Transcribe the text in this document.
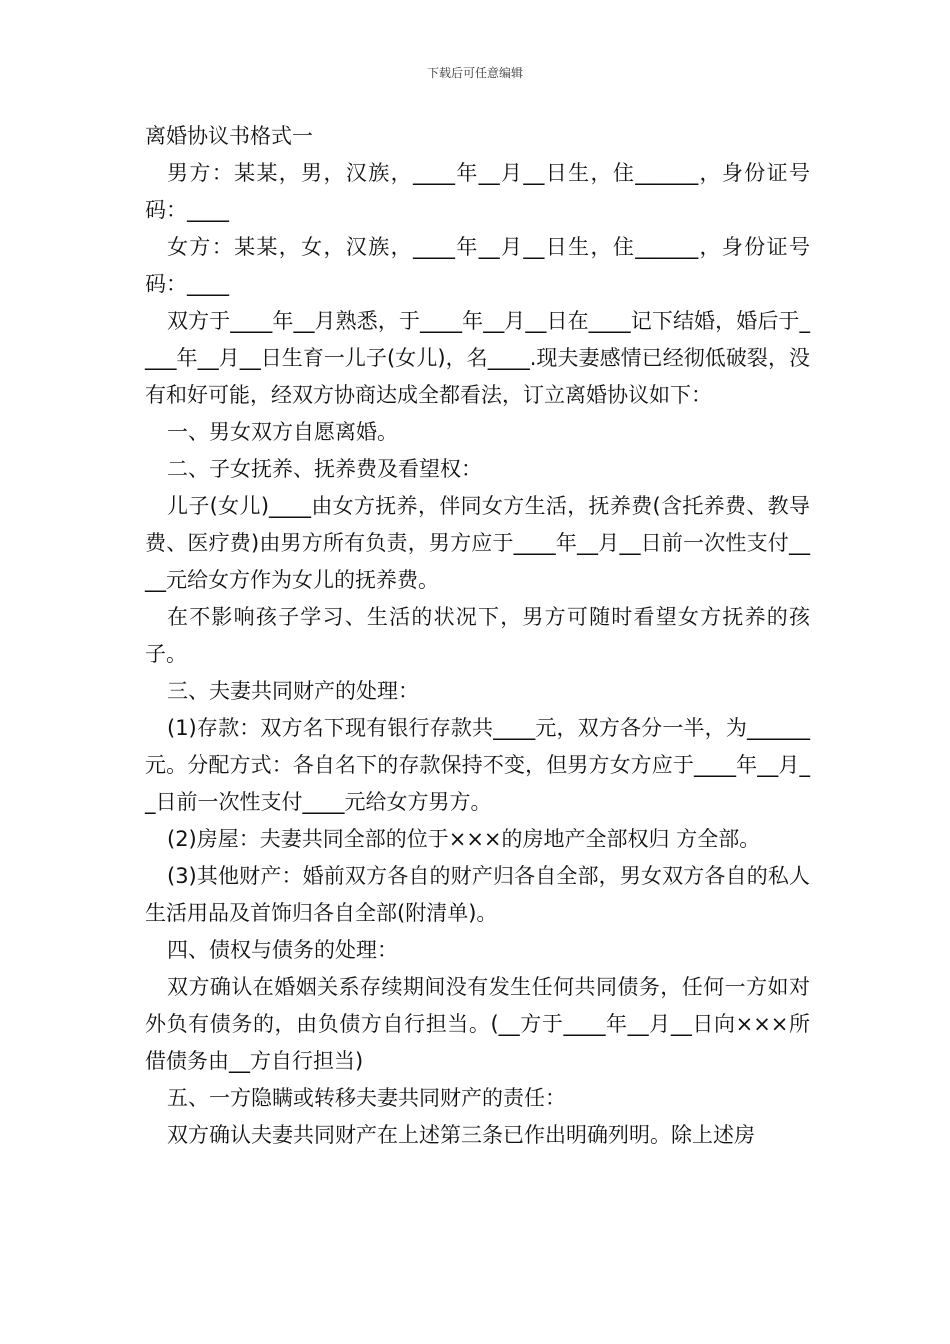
下载后可任意编辑

离婚协议书格式一

男方：某某，男，汉族，____年__月__日生，住______，身份证号码：____

女方：某某，女，汉族，____年__月__日生，住______，身份证号码：____

双方于____年__月熟悉，于____年__月__日在____记下结婚，婚后于____年__月__日生育一儿子(女儿)，名____.现夫妻感情已经彻低破裂，没有和好可能，经双方协商达成全都看法，订立离婚协议如下：

一、男女双方自愿离婚。

二、子女抚养、抚养费及看望权：

儿子(女儿)____由女方抚养，伴同女方生活，抚养费(含托养费、教导费、医疗费)由男方所有负责，男方应于____年__月__日前一次性支付____元给女方作为女儿的抚养费。

在不影响孩子学习、生活的状况下，男方可随时看望女方抚养的孩子。

三、夫妻共同财产的处理：

(1)存款：双方名下现有银行存款共____元，双方各分一半，为______元。分配方式：各自名下的存款保持不变，但男方女方应于____年__月__日前一次性支付____元给女方男方。

(2)房屋：夫妻共同全部的位于×××的房地产全部权归 方全部。

(3)其他财产：婚前双方各自的财产归各自全部，男女双方各自的私人生活用品及首饰归各自全部(附清单)。

四、债权与债务的处理：

双方确认在婚姻关系存续期间没有发生任何共同债务，任何一方如对外负有债务的，由负债方自行担当。(__方于____年__月__日向×××所借债务由__方自行担当)

五、一方隐瞒或转移夫妻共同财产的责任：

双方确认夫妻共同财产在上述第三条已作出明确列明。除上述房
